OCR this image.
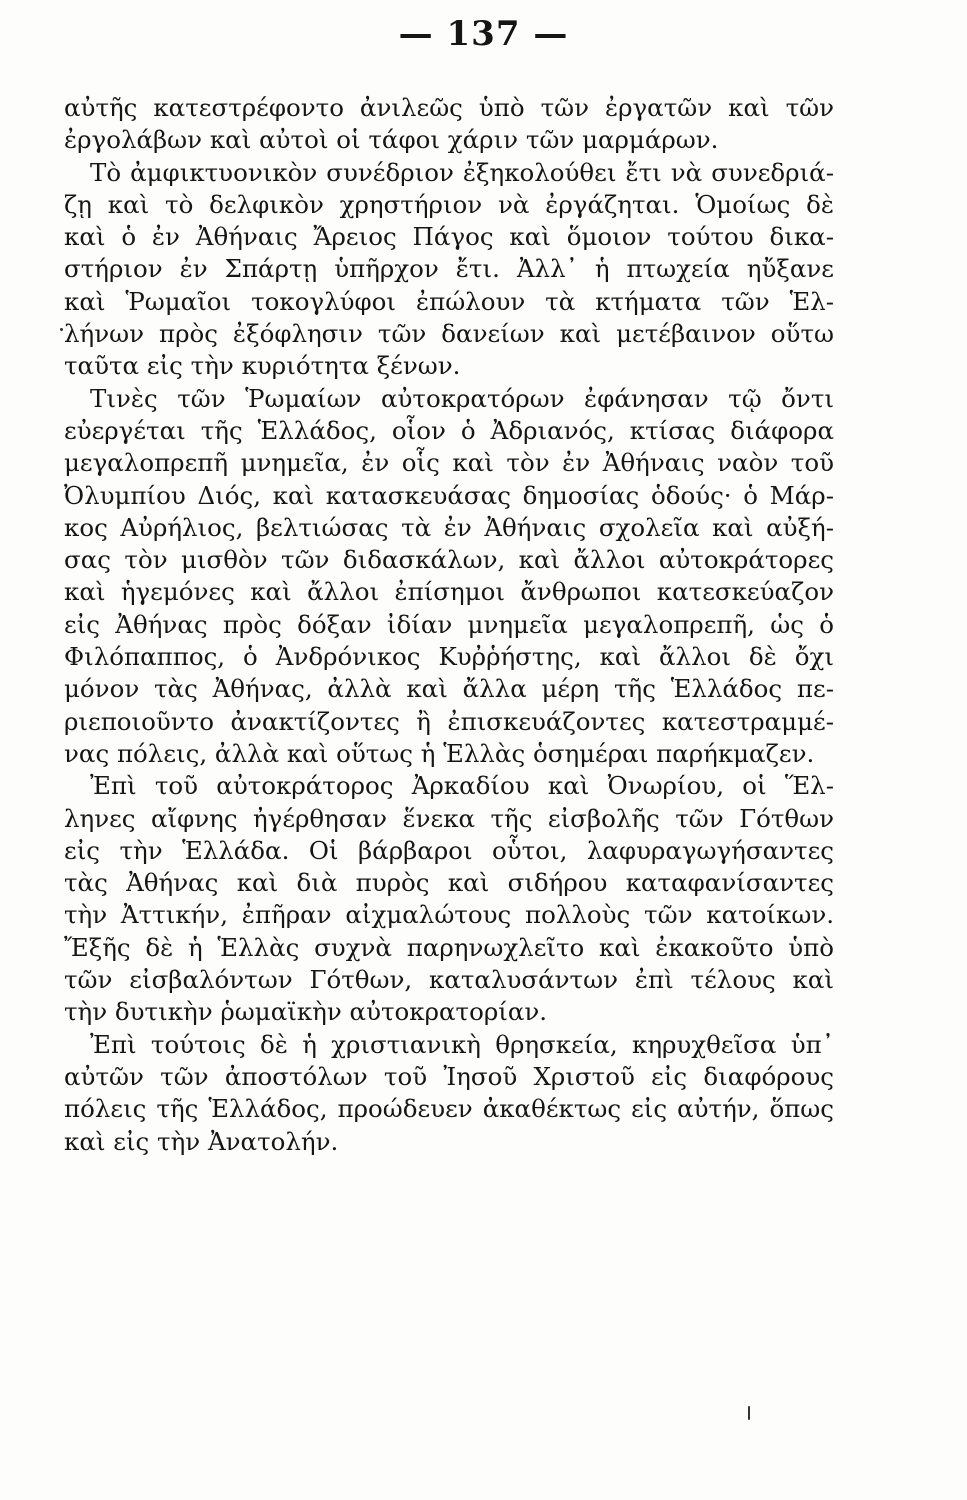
— 137 —
αὐτῆς κατεστρέφοντο ἀνιλεῶς ὑπὸ τῶν ἐργατῶν καὶ τῶν
ἐργολάβων καὶ αὐτοὶ οἱ τάφοι χάριν τῶν μαρμάρων.
Τὸ ἀμφικτυονικὸν συνέδριον ἐξηκολούθει ἔτι νὰ συνεδριά-
ζῃ καὶ τὸ δελφικὸν χρηστήριον νὰ ἐργάζηται. Ὁμοίως δὲ
καὶ ὁ ἐν Ἀθήναις Ἄρειος Πάγος καὶ ὅμοιον τούτου δικα-
στήριον ἐν Σπάρτῃ ὑπῆρχον ἔτι. Ἀλλ᾽ ἡ πτωχεία ηὔξανε
καὶ Ῥωμαῖοι τοκογλύφοι ἐπώλουν τὰ κτήματα τῶν Ἑλ-
λήνων πρὸς ἐξόφλησιν τῶν δανείων καὶ μετέβαινον οὕτω
ταῦτα εἰς τὴν κυριότητα ξένων.
Τινὲς τῶν Ῥωμαίων αὐτοκρατόρων ἐφάνησαν τῷ ὄντι
εὐεργέται τῆς Ἑλλάδος, οἷον ὁ Ἀδριανός, κτίσας διάφορα
μεγαλοπρεπῆ μνημεῖα, ἐν οἷς καὶ τὸν ἐν Ἀθήναις ναὸν τοῦ
Ὀλυμπίου Διός, καὶ κατασκευάσας δημοσίας ὁδούς· ὁ Μάρ-
κος Αὐρήλιος, βελτιώσας τὰ ἐν Ἀθήναις σχολεῖα καὶ αὐξή-
σας τὸν μισθὸν τῶν διδασκάλων, καὶ ἄλλοι αὐτοκράτορες
καὶ ἡγεμόνες καὶ ἄλλοι ἐπίσημοι ἄνθρωποι κατεσκεύαζον
εἰς Ἀθήνας πρὸς δόξαν ἰδίαν μνημεῖα μεγαλοπρεπῆ, ὡς ὁ
Φιλόπαππος, ὁ Ἀνδρόνικος Κυῤῥήστης, καὶ ἄλλοι δὲ ὄχι
μόνον τὰς Ἀθήνας, ἀλλὰ καὶ ἄλλα μέρη τῆς Ἑλλάδος πε-
ριεποιοῦντο ἀνακτίζοντες ἢ ἐπισκευάζοντες κατεστραμμέ-
νας πόλεις, ἀλλὰ καὶ οὕτως ἡ Ἑλλὰς ὁσημέραι παρήκμαζεν.
Ἐπὶ τοῦ αὐτοκράτορος Ἀρκαδίου καὶ Ὀνωρίου, οἱ Ἕλ-
ληνες αἴφνης ἠγέρθησαν ἕνεκα τῆς εἰσβολῆς τῶν Γότθων
εἰς τὴν Ἑλλάδα. Οἱ βάρβαροι οὗτοι, λαφυραγωγήσαντες
τὰς Ἀθήνας καὶ διὰ πυρὸς καὶ σιδήρου καταφανίσαντες
τὴν Ἀττικήν, ἐπῆραν αἰχμαλώτους πολλοὺς τῶν κατοίκων.
Ἔξῆς δὲ ἡ Ἑλλὰς συχνὰ παρηνωχλεῖτο καὶ ἐκακοῦτο ὑπὸ
τῶν εἰσβαλόντων Γότθων, καταλυσάντων ἐπὶ τέλους καὶ
τὴν δυτικὴν ῥωμαϊκὴν αὐτοκρατορίαν.
Ἐπὶ τούτοις δὲ ἡ χριστιανικὴ θρησκεία, κηρυχθεῖσα ὑπ᾽
αὐτῶν τῶν ἀποστόλων τοῦ Ἰησοῦ Χριστοῦ εἰς διαφόρους
πόλεις τῆς Ἑλλάδος, προώδευεν ἀκαθέκτως εἰς αὐτήν, ὅπως
καὶ εἰς τὴν Ἀνατολήν.
